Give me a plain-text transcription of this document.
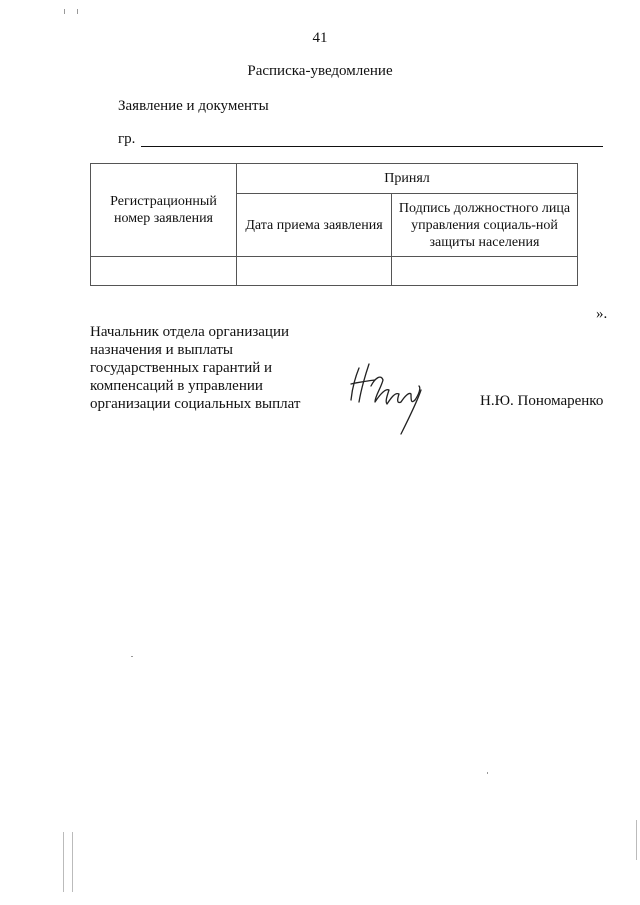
41
Расписка-уведомление
Заявление и документы
гр.
Регистрационный номер заявления	Принял	
	Дата приема заявления	Подпись должностного лица управления социаль-ной защиты населения

».
Начальник отдела организации
назначения и выплаты
государственных гарантий и
компенсаций в управлении
организации социальных выплат	Н.Ю. Пономаренко
